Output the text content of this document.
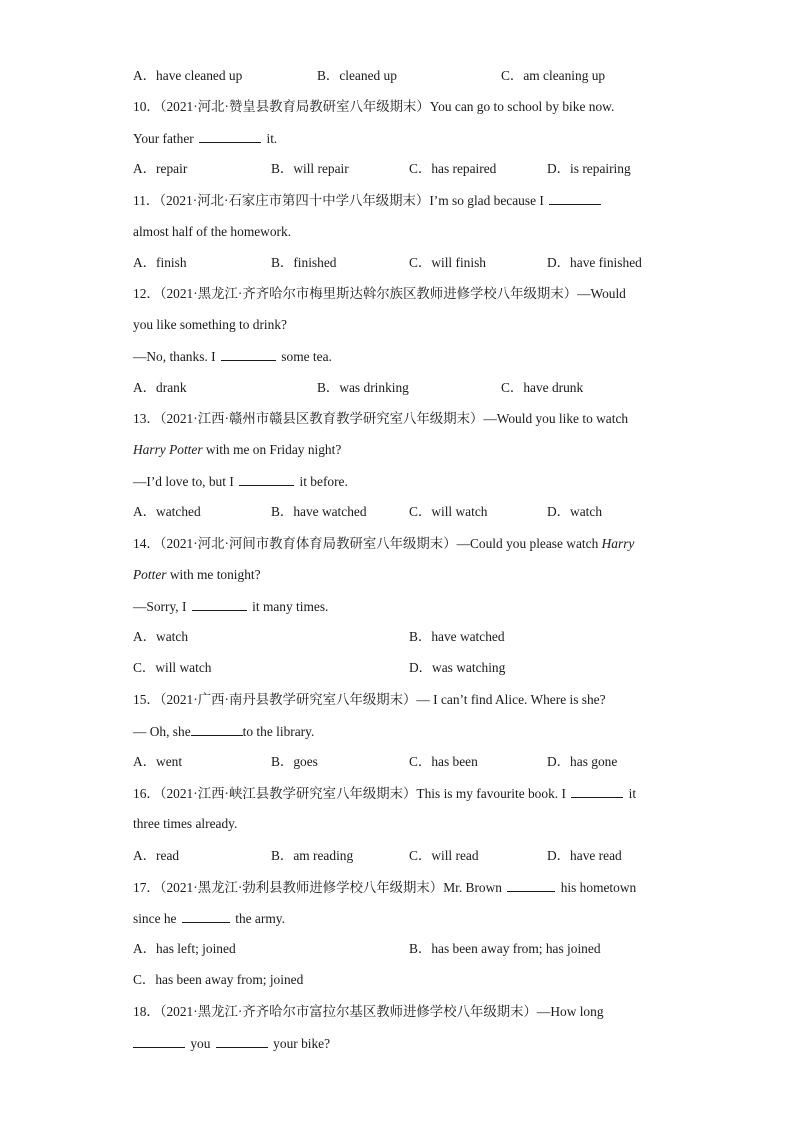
A．have cleaned up	B．cleaned up	C．am cleaning up
10．（2021·河北·赞皇县教育局教研室八年级期末）You can go to school by bike now.
Your father	it.
A．repair	B．will repair	C．has repaired	D．is repairing
11．（2021·河北·石家庄市第四十中学八年级期末）I’m so glad because I
almost half of the homework.
A．finish	B．finished	C．will finish	D．have finished
12．（2021·黑龙江·齐齐哈尔市梅里斯达斡尔族区教师进修学校八年级期末）—Would
you like something to drink?
—No, thanks. I	some tea.
A．drank	B．was drinking	C．have drunk
13．（2021·江西·赣州市赣县区教育教学研究室八年级期末）—Would you like to watch
Harry Potter with me on Friday night?
—I’d love to, but I	it before.
A．watched	B．have watched	C．will watch	D．watch
14．（2021·河北·河间市教育体育局教研室八年级期末）—Could you please watch Harry
Potter with me tonight?
—Sorry, I	it many times.
A．watch	B．have watched
C．will watch	D．was watching
15．（2021·广西·南丹县教学研究室八年级期末）— I can’t find Alice. Where is she?
— Oh, she	to the library.
A．went	B．goes	C．has been	D．has gone
16．（2021·江西·峡江县教学研究室八年级期末）This is my favourite book. I	it
three times already.
A．read	B．am reading	C．will read	D．have read
17．（2021·黑龙江·勃利县教师进修学校八年级期末）Mr. Brown	his hometown
since he	the army.
A．has left; joined	B．has been away from; has joined
C．has been away from; joined
18．（2021·黑龙江·齐齐哈尔市富拉尔基区教师进修学校八年级期末）—How long
you	your bike?
